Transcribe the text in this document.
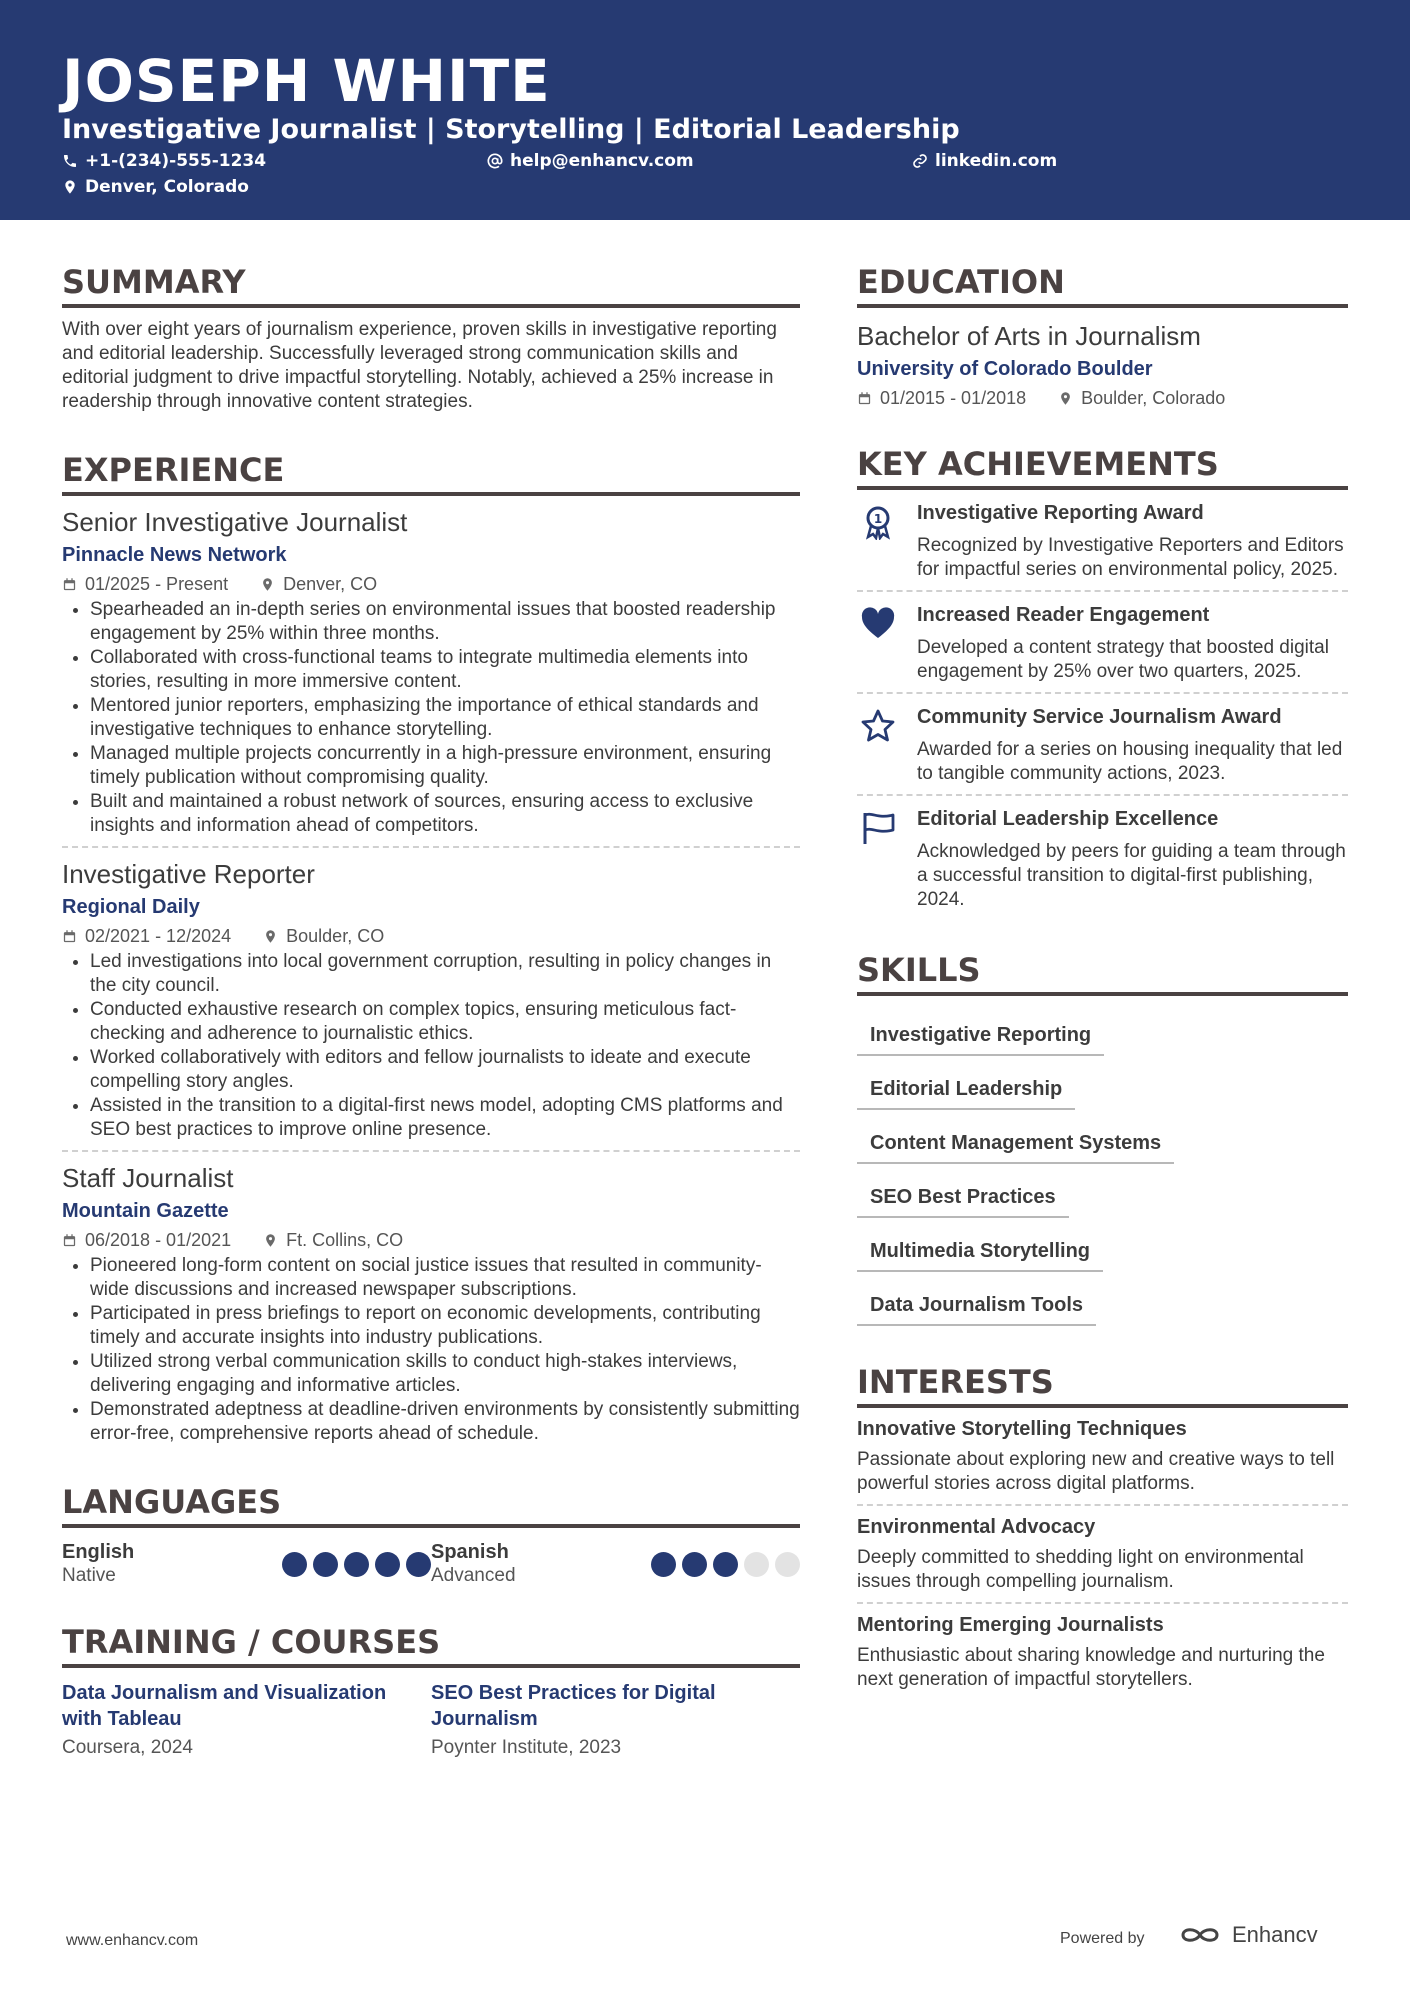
JOSEPH WHITE
Investigative Journalist | Storytelling | Editorial Leadership
+1-(234)-555-1234	help@enhancv.com	linkedin.com
Denver, Colorado
SUMMARY
With over eight years of journalism experience, proven skills in investigative reporting and editorial leadership. Successfully leveraged strong communication skills and editorial judgment to drive impactful storytelling. Notably, achieved a 25% increase in readership through innovative content strategies.
EXPERIENCE
Senior Investigative Journalist
Pinnacle News Network
01/2025 - Present	Denver, CO
• Spearheaded an in-depth series on environmental issues that boosted readership engagement by 25% within three months.
• Collaborated with cross-functional teams to integrate multimedia elements into stories, resulting in more immersive content.
• Mentored junior reporters, emphasizing the importance of ethical standards and investigative techniques to enhance storytelling.
• Managed multiple projects concurrently in a high-pressure environment, ensuring timely publication without compromising quality.
• Built and maintained a robust network of sources, ensuring access to exclusive insights and information ahead of competitors.
Investigative Reporter
Regional Daily
02/2021 - 12/2024	Boulder, CO
• Led investigations into local government corruption, resulting in policy changes in the city council.
• Conducted exhaustive research on complex topics, ensuring meticulous fact-checking and adherence to journalistic ethics.
• Worked collaboratively with editors and fellow journalists to ideate and execute compelling story angles.
• Assisted in the transition to a digital-first news model, adopting CMS platforms and SEO best practices to improve online presence.
Staff Journalist
Mountain Gazette
06/2018 - 01/2021	Ft. Collins, CO
• Pioneered long-form content on social justice issues that resulted in community-wide discussions and increased newspaper subscriptions.
• Participated in press briefings to report on economic developments, contributing timely and accurate insights into industry publications.
• Utilized strong verbal communication skills to conduct high-stakes interviews, delivering engaging and informative articles.
• Demonstrated adeptness at deadline-driven environments by consistently submitting error-free, comprehensive reports ahead of schedule.
LANGUAGES
English
Native
Spanish
Advanced
TRAINING / COURSES
Data Journalism and Visualization with Tableau
Coursera, 2024
SEO Best Practices for Digital Journalism
Poynter Institute, 2023
EDUCATION
Bachelor of Arts in Journalism
University of Colorado Boulder
01/2015 - 01/2018	Boulder, Colorado
KEY ACHIEVEMENTS
1 Investigative Reporting Award
Recognized by Investigative Reporters and Editors for impactful series on environmental policy, 2025.
Increased Reader Engagement
Developed a content strategy that boosted digital engagement by 25% over two quarters, 2025.
Community Service Journalism Award
Awarded for a series on housing inequality that led to tangible community actions, 2023.
Editorial Leadership Excellence
Acknowledged by peers for guiding a team through a successful transition to digital-first publishing, 2024.
SKILLS
Investigative Reporting
Editorial Leadership
Content Management Systems
SEO Best Practices
Multimedia Storytelling
Data Journalism Tools
INTERESTS
Innovative Storytelling Techniques
Passionate about exploring new and creative ways to tell powerful stories across digital platforms.
Environmental Advocacy
Deeply committed to shedding light on environmental issues through compelling journalism.
Mentoring Emerging Journalists
Enthusiastic about sharing knowledge and nurturing the next generation of impactful storytellers.
www.enhancv.com	Powered by	Enhancv
